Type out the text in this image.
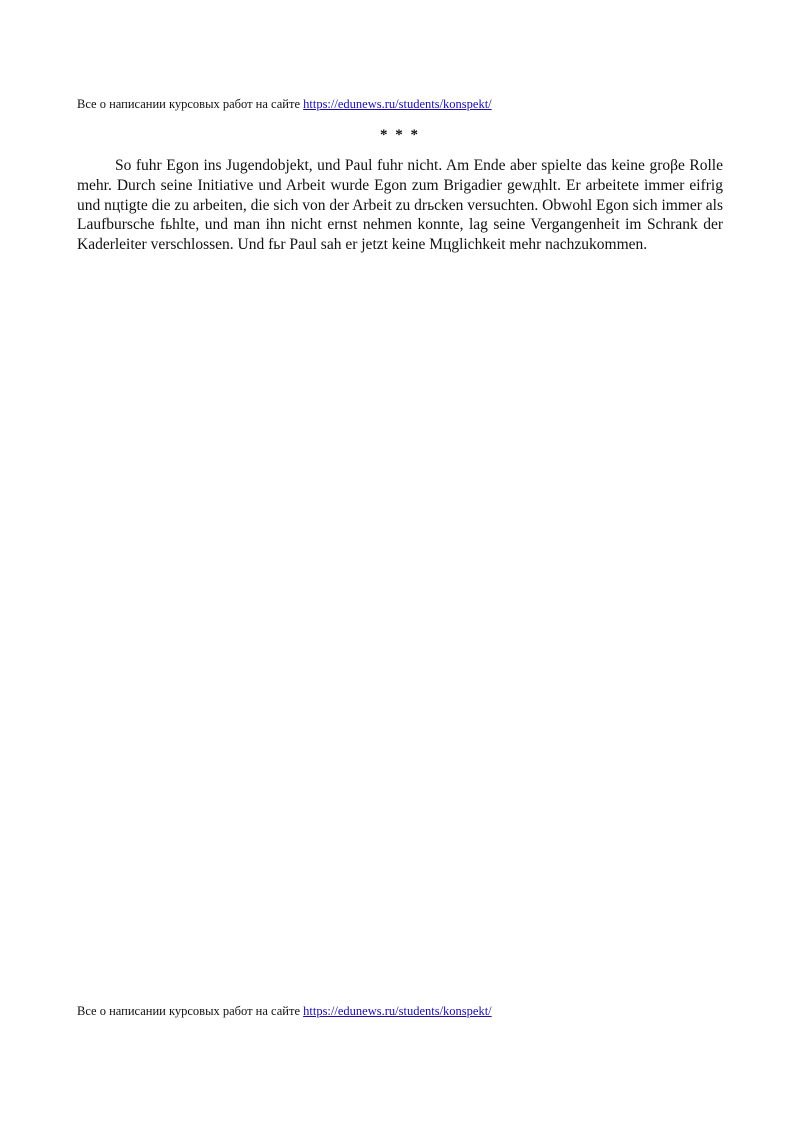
Все о написании курсовых работ на сайте https://edunews.ru/students/konspekt/
* * *

So fuhr Egon ins Jugendobjekt, und Paul fuhr nicht. Am Ende aber spielte das keine groβe Rolle mehr. Durch seine Initiative und Arbeit wurde Egon zum Brigadier gewдhlt. Er arbeitete immer eifrig und nцtigte die zu arbeiten, die sich von der Arbeit zu drьcken versuchten. Obwohl Egon sich immer als Laufbursche fьhlte, und man ihn nicht ernst nehmen konnte, lag seine Vergangenheit im Schrank der Kaderleiter verschlossen. Und fьr Paul sah er jetzt keine Mцglichkeit mehr nachzukommen.

Все о написании курсовых работ на сайте https://edunews.ru/students/konspekt/
